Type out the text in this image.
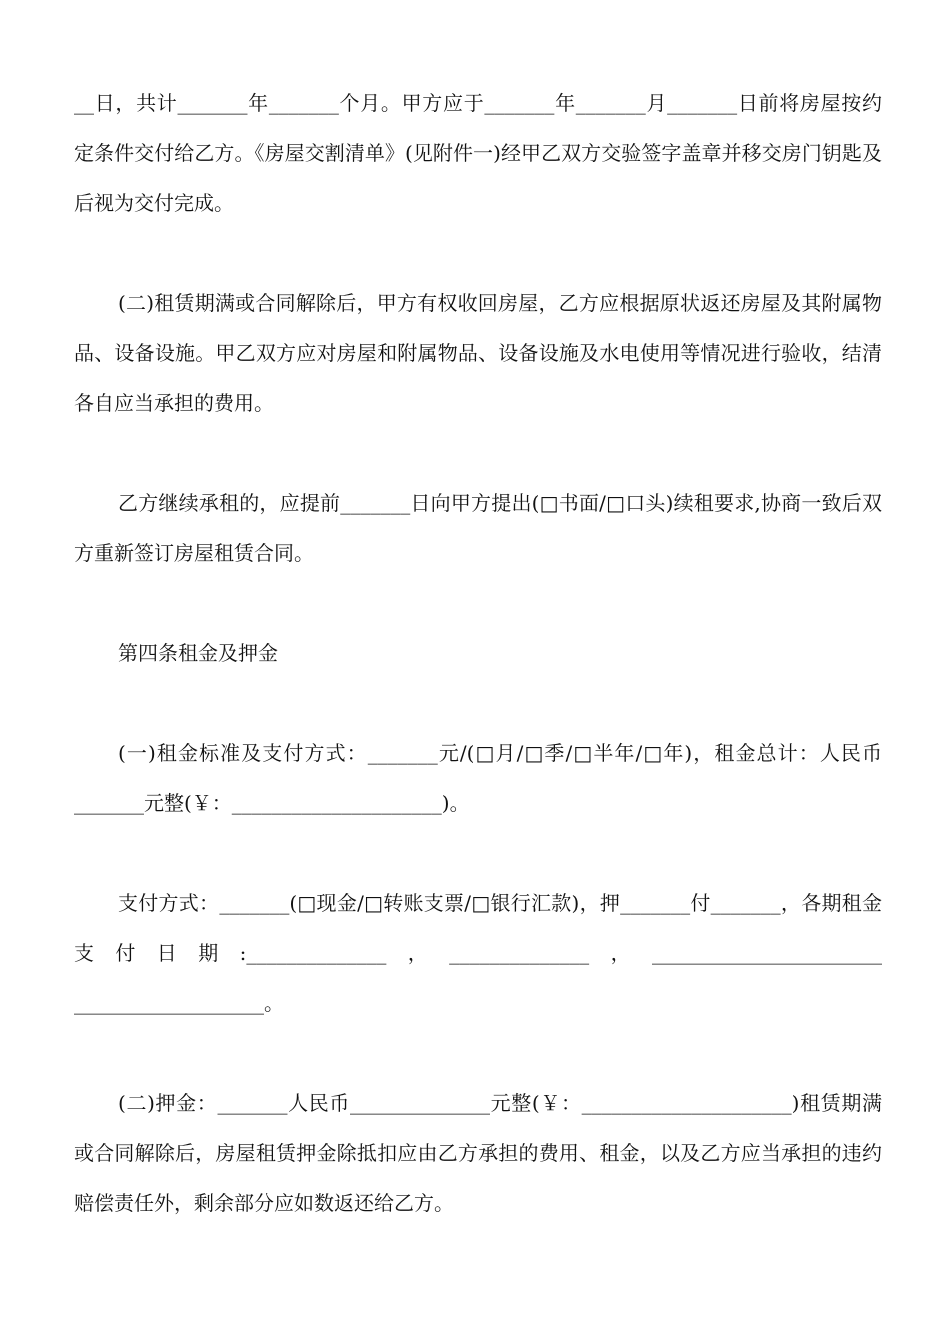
__日，共计_______年_______个月。甲方应于_______年_______月_______日前将房屋按约定条件交付给乙方。《房屋交割清单》(见附件一)经甲乙双方交验签字盖章并移交房门钥匙及后视为交付完成。

(二)租赁期满或合同解除后，甲方有权收回房屋，乙方应根据原状返还房屋及其附属物品、设备设施。甲乙双方应对房屋和附属物品、设备设施及水电使用等情况进行验收，结清各自应当承担的费用。

乙方继续承租的，应提前_______日向甲方提出(□书面/□口头)续租要求,协商一致后双方重新签订房屋租赁合同。

第四条租金及押金

(一)租金标准及支付方式：_______元/(□月/□季/□半年/□年)，租金总计：人民币_______元整(￥：_____________________)。

支付方式：_______(□现金/□转账支票/□银行汇款)，押_______付_______，各期租金支付日期:______________，______________，_______________________ ___________________。

(二)押金：_______人民币______________元整(￥：_____________________)租赁期满或合同解除后，房屋租赁押金除抵扣应由乙方承担的费用、租金，以及乙方应当承担的违约赔偿责任外，剩余部分应如数返还给乙方。
